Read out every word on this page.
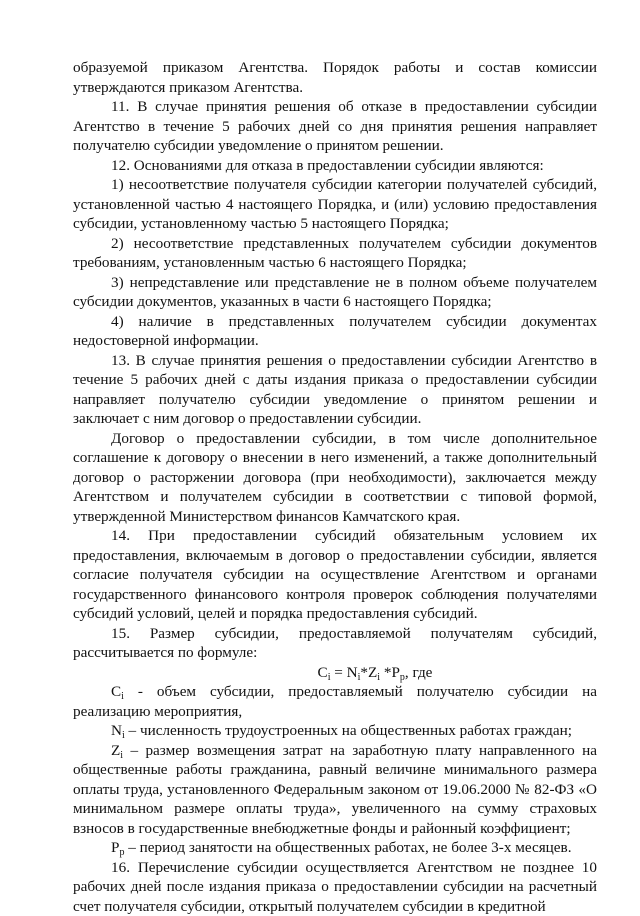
образуемой приказом Агентства. Порядок работы и состав комиссии утверждаются приказом Агентства.

11. В случае принятия решения об отказе в предоставлении субсидии Агентство в течение 5 рабочих дней со дня принятия решения направляет получателю субсидии уведомление о принятом решении.

12. Основаниями для отказа в предоставлении субсидии являются:

1) несоответствие получателя субсидии категории получателей субсидий, установленной частью 4 настоящего Порядка, и (или) условию предоставления субсидии, установленному частью 5 настоящего Порядка;

2) несоответствие представленных получателем субсидии документов требованиям, установленным частью 6 настоящего Порядка;

3) непредставление или представление не в полном объеме получателем субсидии документов, указанных в части 6 настоящего Порядка;

4) наличие в представленных получателем субсидии документах недостоверной информации.

13. В случае принятия решения о предоставлении субсидии Агентство в течение 5 рабочих дней с даты издания приказа о предоставлении субсидии направляет получателю субсидии уведомление о принятом решении и заключает с ним договор о предоставлении субсидии.

Договор о предоставлении субсидии, в том числе дополнительное соглашение к договору о внесении в него изменений, а также дополнительный договор о расторжении договора (при необходимости), заключается между Агентством и получателем субсидии в соответствии с типовой формой, утвержденной Министерством финансов Камчатского края.

14. При предоставлении субсидий обязательным условием их предоставления, включаемым в договор о предоставлении субсидии, является согласие получателя субсидии на осуществление Агентством и органами государственного финансового контроля проверок соблюдения получателями субсидий условий, целей и порядка предоставления субсидий.

15. Размер субсидии, предоставляемой получателям субсидий, рассчитывается по формуле:

$C_i = N_i*Z_i$ $*P_p$, где

$C_i$ - объем субсидии, предоставляемый получателю субсидии на реализацию мероприятия,

$N_i$ – численность трудоустроенных на общественных работах граждан;

$Z_i$ – размер возмещения затрат на заработную плату направленного на общественные работы гражданина, равный величине минимального размера оплаты труда, установленного Федеральным законом от 19.06.2000 № 82-ФЗ «О минимальном размере оплаты труда», увеличенного на сумму страховых взносов в государственные внебюджетные фонды и районный коэффициент;

$P_p$ – период занятости на общественных работах, не более 3-х месяцев.

16. Перечисление субсидии осуществляется Агентством не позднее 10 рабочих дней после издания приказа о предоставлении субсидии на расчетный счет получателя субсидии, открытый получателем субсидии в кредитной
